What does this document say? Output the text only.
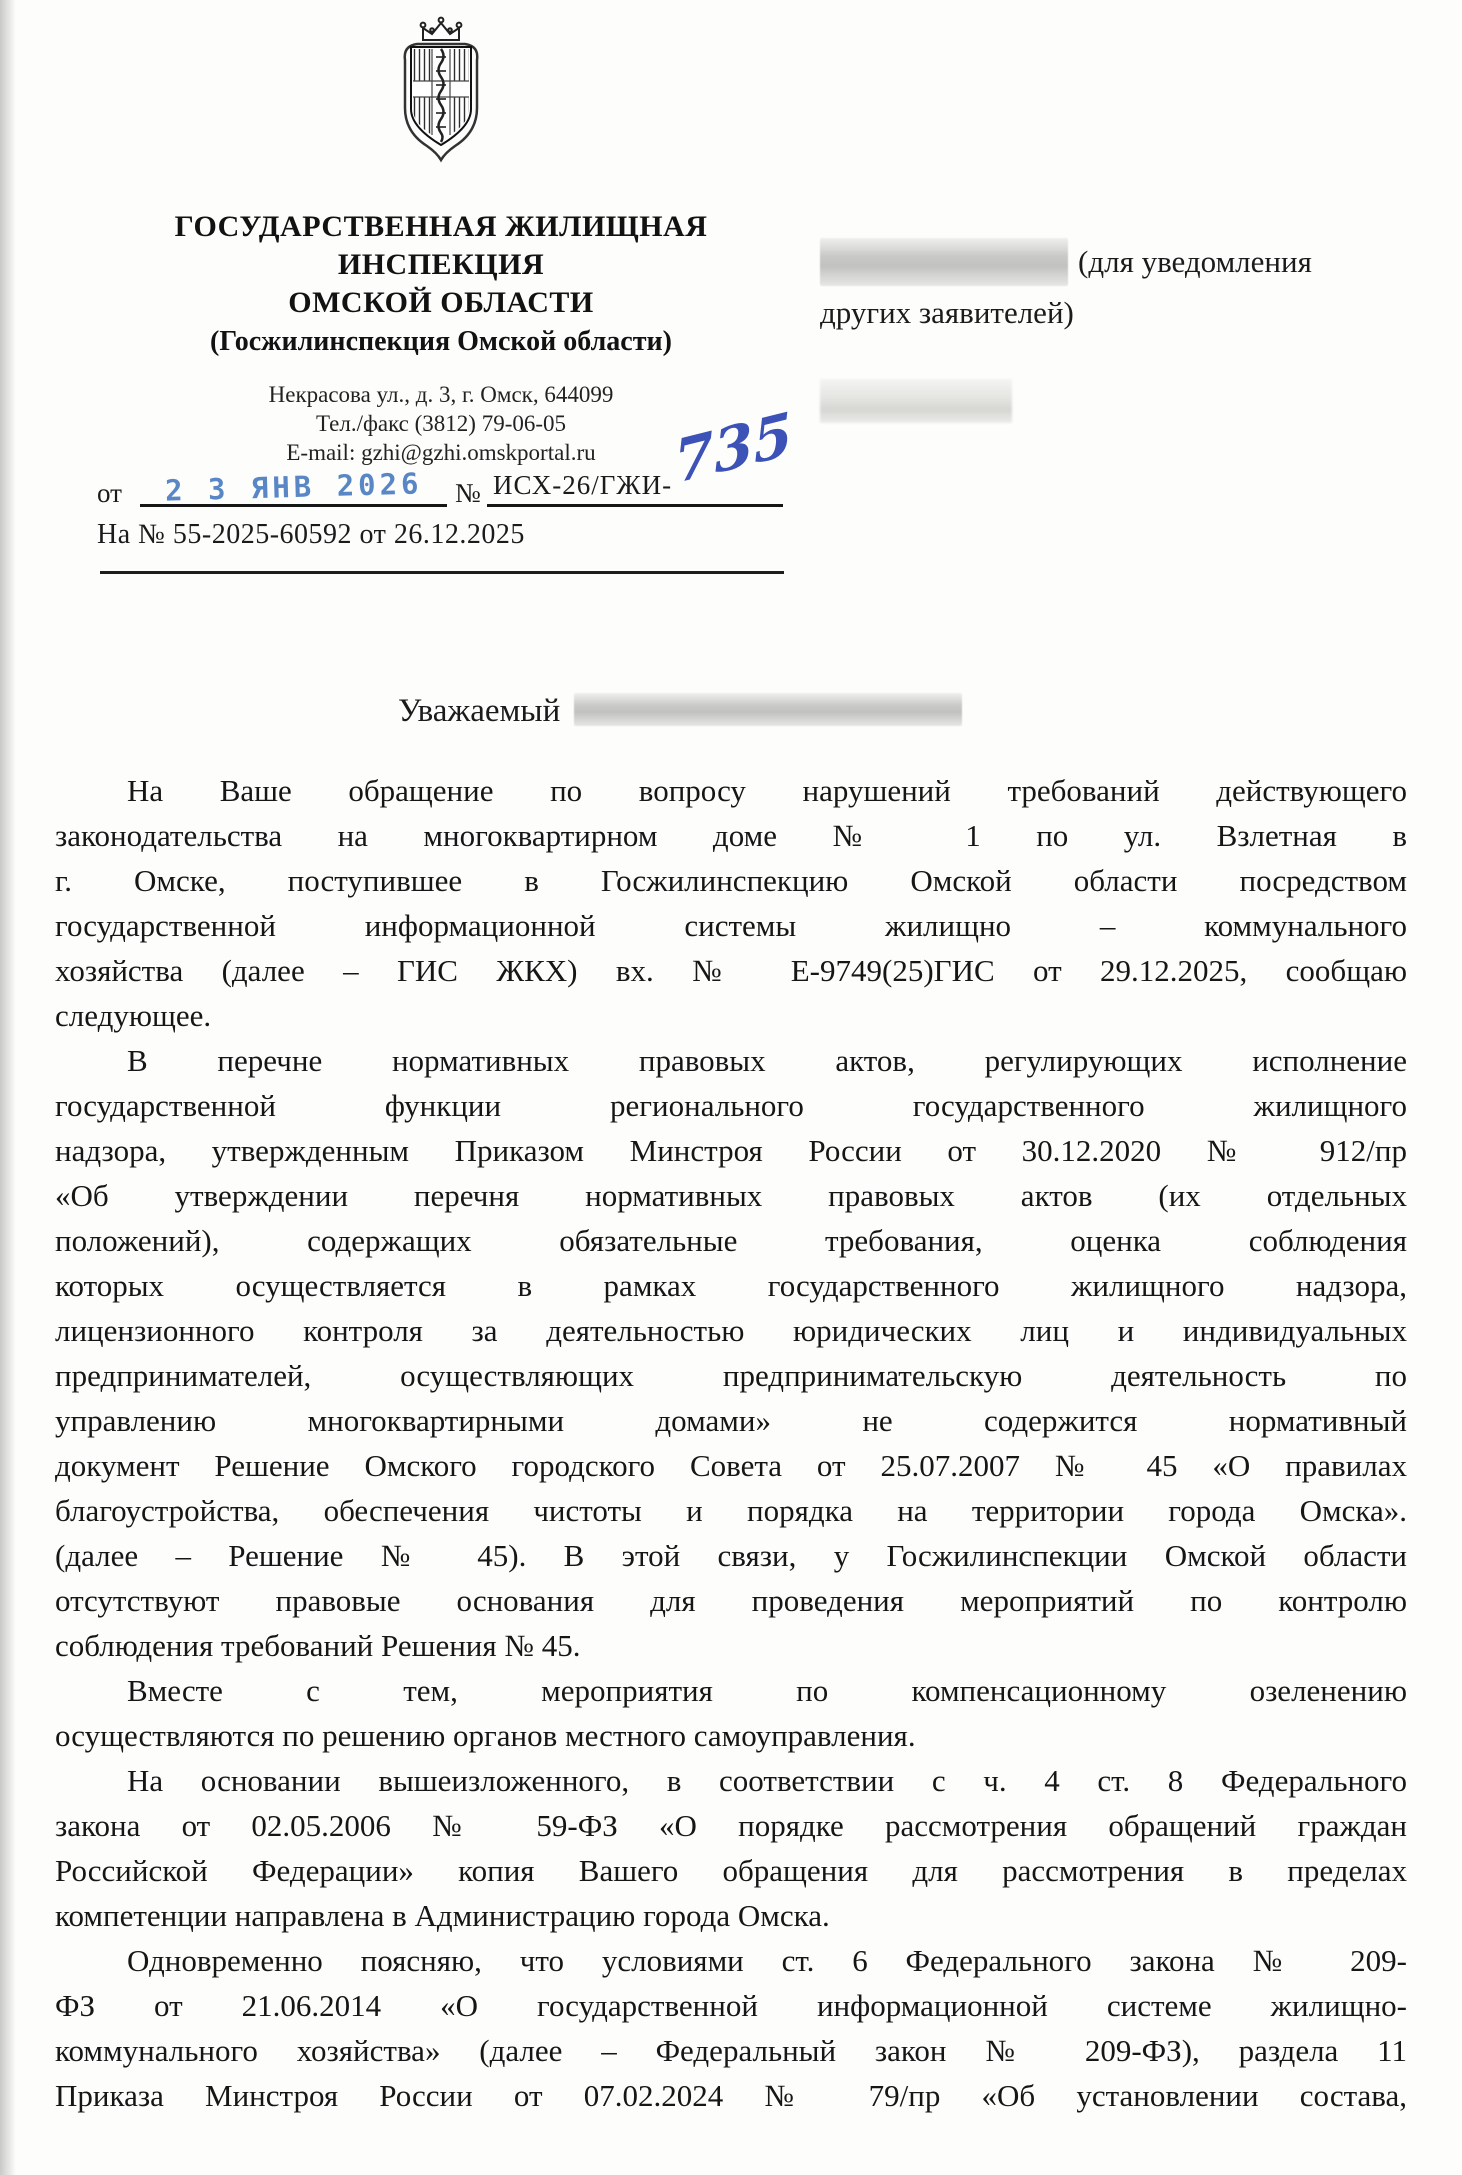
ГОСУДАРСТВЕННАЯ ЖИЛИЩНАЯ
ИНСПЕКЦИЯ
ОМСКОЙ ОБЛАСТИ
(Госжилинспекция Омской области)
Некрасова ул., д. 3, г. Омск, 644099
Тел./факс (3812) 79-06-05
E-mail: gzhi@gzhi.omskportal.ru
от	2 3 ЯНВ 2026	№ ИСХ-26/ГЖИ- 735
На № 55-2025-60592 от 26.12.2025
(для уведомления
других заявителей)
Уважаемый
На Ваше обращение по вопросу нарушений требований действующего
законодательства на многоквартирном доме № 1 по ул. Взлетная в
г. Омске, поступившее в Госжилинспекцию Омской области посредством
государственной информационной системы жилищно – коммунального
хозяйства (далее – ГИС ЖКХ) вх. № Е-9749(25)ГИС от 29.12.2025, сообщаю
следующее.
В перечне нормативных правовых актов, регулирующих исполнение
государственной функции регионального государственного жилищного
надзора, утвержденным Приказом Минстроя России от 30.12.2020 № 912/пр
«Об утверждении перечня нормативных правовых актов (их отдельных
положений), содержащих обязательные требования, оценка соблюдения
которых осуществляется в рамках государственного жилищного надзора,
лицензионного контроля за деятельностью юридических лиц и индивидуальных
предпринимателей, осуществляющих предпринимательскую деятельность по
управлению многоквартирными домами» не содержится нормативный
документ Решение Омского городского Совета от 25.07.2007 № 45 «О правилах
благоустройства, обеспечения чистоты и порядка на территории города Омска».
(далее – Решение № 45). В этой связи, у Госжилинспекции Омской области
отсутствуют правовые основания для проведения мероприятий по контролю
соблюдения требований Решения № 45.
Вместе с тем, мероприятия по компенсационному озеленению
осуществляются по решению органов местного самоуправления.
На основании вышеизложенного, в соответствии с ч. 4 ст. 8 Федерального
закона от 02.05.2006 № 59-ФЗ «О порядке рассмотрения обращений граждан
Российской Федерации» копия Вашего обращения для рассмотрения в пределах
компетенции направлена в Администрацию города Омска.
Одновременно поясняю, что условиями ст. 6 Федерального закона № 209-
ФЗ от 21.06.2014 «О государственной информационной системе жилищно-
коммунального хозяйства» (далее – Федеральный закон № 209-ФЗ), раздела 11
Приказа Минстроя России от 07.02.2024 № 79/пр «Об установлении состава,
